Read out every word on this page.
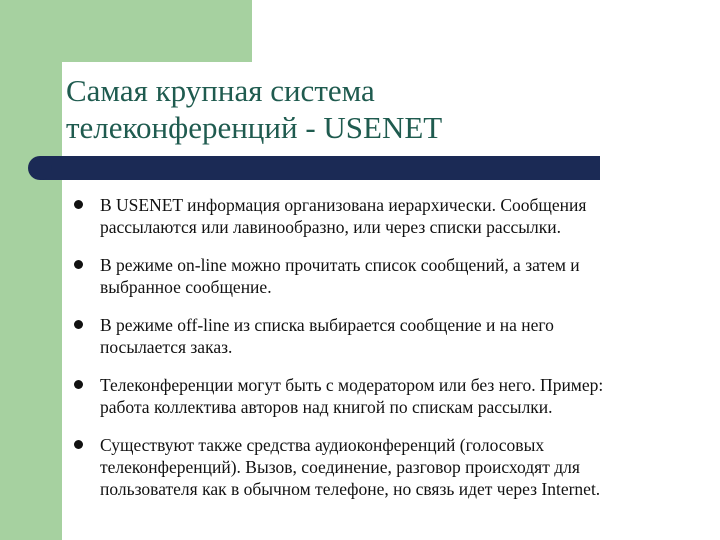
Самая крупная система
телеконференций - USENET
В USENET информация организована иерархически. Сообщения
рассылаются или лавинообразно, или через списки рассылки.
В режиме on-line можно прочитать список сообщений, а затем и
выбранное сообщение.
В режиме off-line из списка выбирается сообщение и на него
посылается заказ.
Телеконференции могут быть с модератором или без него. Пример:
работа коллектива авторов над книгой по спискам рассылки.
Существуют также средства аудиоконференций (голосовых
телеконференций). Вызов, соединение, разговор происходят для
пользователя как в обычном телефоне, но связь идет через Internet.
